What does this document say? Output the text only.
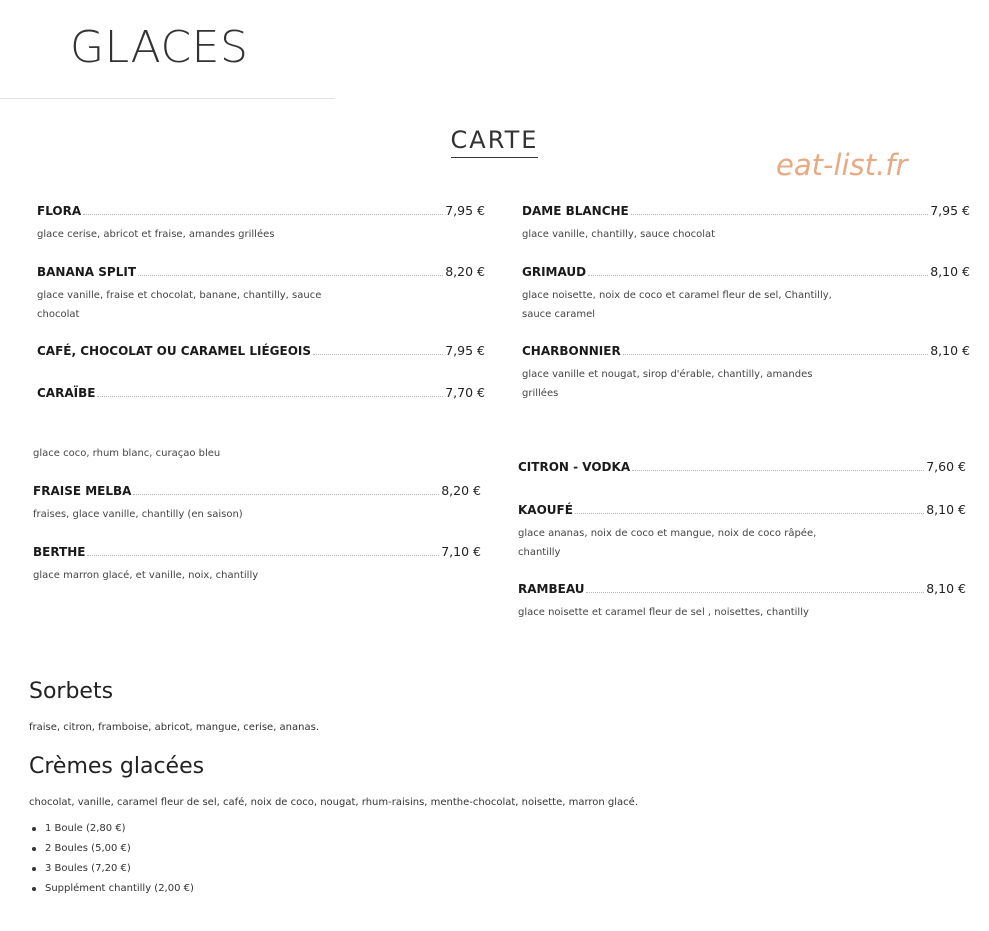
GLACES
CARTE
eat-list.fr
FLORA	7,95 €
glace cerise, abricot et fraise, amandes grillées
BANANA SPLIT	8,20 €
glace vanille, fraise et chocolat, banane, chantilly, sauce
chocolat
CAFÉ, CHOCOLAT OU CARAMEL LIÉGEOIS	7,95 €
CARAÏBE	7,70 €
glace coco, rhum blanc, curaçao bleu
FRAISE MELBA	8,20 €
fraises, glace vanille, chantilly (en saison)
BERTHE	7,10 €
glace marron glacé, et vanille, noix, chantilly
DAME BLANCHE	7,95 €
glace vanille, chantilly, sauce chocolat
GRIMAUD	8,10 €
glace noisette, noix de coco et caramel fleur de sel, Chantilly,
sauce caramel
CHARBONNIER	8,10 €
glace vanille et nougat, sirop d'érable, chantilly, amandes
grillées
CITRON - VODKA	7,60 €
KAOUFÉ	8,10 €
glace ananas, noix de coco et mangue, noix de coco râpée,
chantilly
RAMBEAU	8,10 €
glace noisette et caramel fleur de sel , noisettes, chantilly
Sorbets

fraise, citron, framboise, abricot, mangue, cerise, ananas.

Crèmes glacées

chocolat, vanille, caramel fleur de sel, café, noix de coco, nougat, rhum-raisins, menthe-chocolat, noisette, marron glacé.

1 Boule (2,80 €)
2 Boules (5,00 €)
3 Boules (7,20 €)
Supplément chantilly (2,00 €)
